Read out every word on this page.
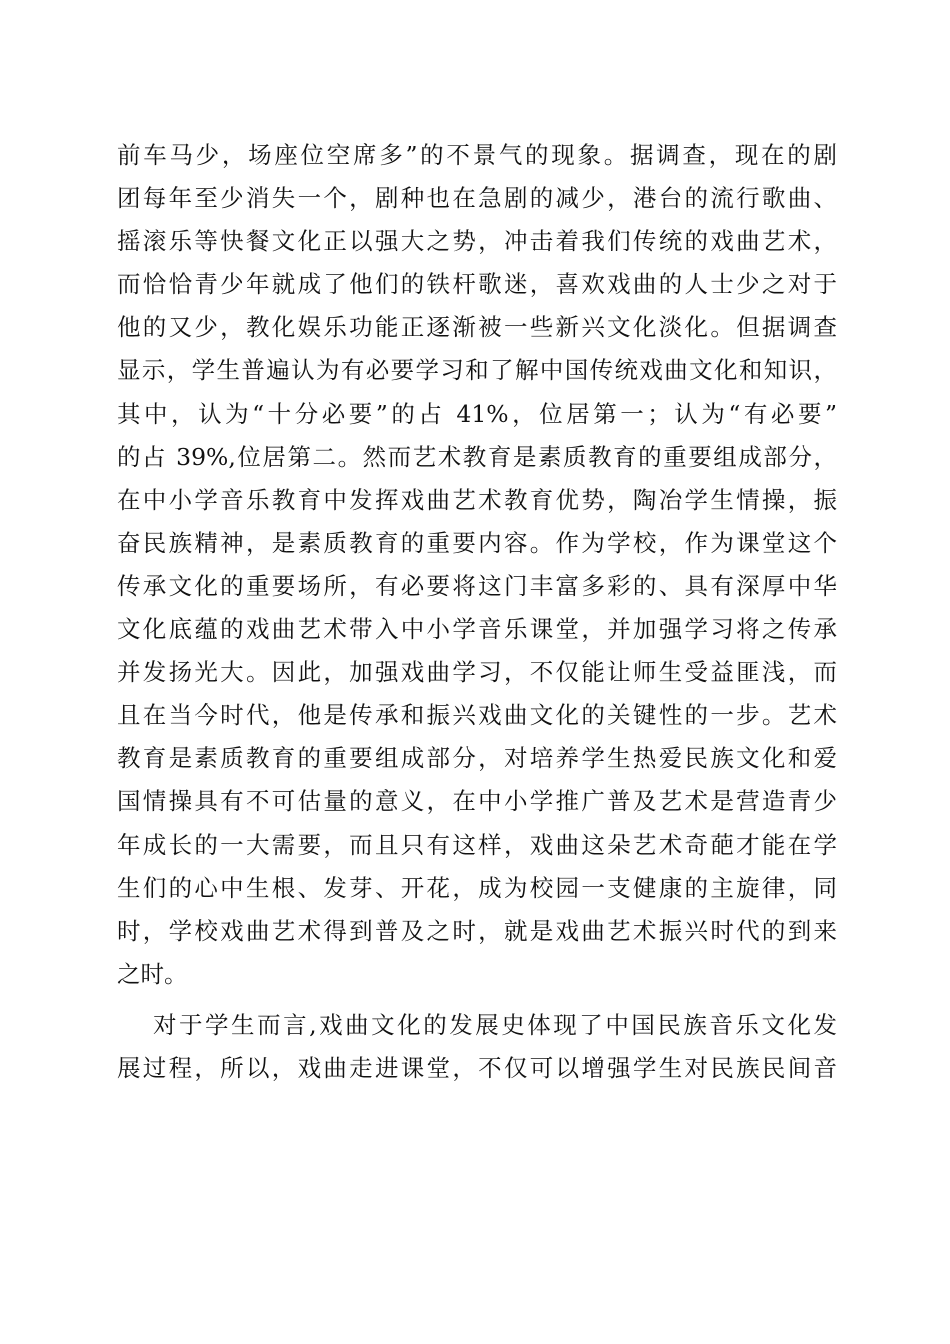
前车马少，场座位空席多”的不景气的现象。据调查，现在的剧
团每年至少消失一个，剧种也在急剧的减少，港台的流行歌曲、
摇滚乐等快餐文化正以强大之势，冲击着我们传统的戏曲艺术，
而恰恰青少年就成了他们的铁杆歌迷，喜欢戏曲的人士少之对于
他的又少，教化娱乐功能正逐渐被一些新兴文化淡化。但据调查
显示，学生普遍认为有必要学习和了解中国传统戏曲文化和知识，
其中，认为“十分必要”的占 41%，位居第一；认为“有必要”
的占 39%,位居第二。然而艺术教育是素质教育的重要组成部分，
在中小学音乐教育中发挥戏曲艺术教育优势，陶冶学生情操，振
奋民族精神，是素质教育的重要内容。作为学校，作为课堂这个
传承文化的重要场所，有必要将这门丰富多彩的、具有深厚中华
文化底蕴的戏曲艺术带入中小学音乐课堂，并加强学习将之传承
并发扬光大。因此，加强戏曲学习，不仅能让师生受益匪浅，而
且在当今时代，他是传承和振兴戏曲文化的关键性的一步。艺术
教育是素质教育的重要组成部分，对培养学生热爱民族文化和爱
国情操具有不可估量的意义，在中小学推广普及艺术是营造青少
年成长的一大需要，而且只有这样，戏曲这朵艺术奇葩才能在学
生们的心中生根、发芽、开花，成为校园一支健康的主旋律，同
时，学校戏曲艺术得到普及之时，就是戏曲艺术振兴时代的到来
之时。
对于学生而言,戏曲文化的发展史体现了中国民族音乐文化发
展过程，所以，戏曲走进课堂，不仅可以增强学生对民族民间音
